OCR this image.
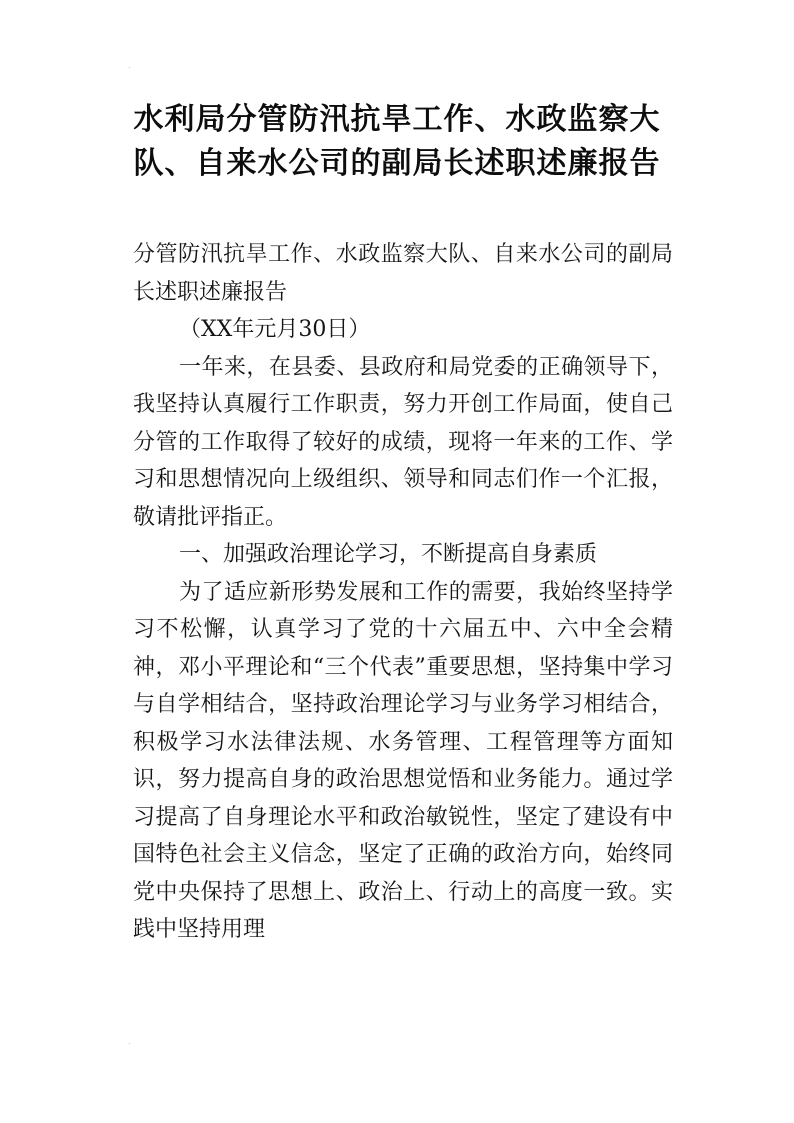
ˎ
ˏ
水利局分管防汛抗旱工作、水政监察大队、自来水公司的副局长述职述廉报告

分管防汛抗旱工作、水政监察大队、自来水公司的副局长述职述廉报告

（XX年元月30日）

一年来，在县委、县政府和局党委的正确领导下，我坚持认真履行工作职责，努力开创工作局面，使自己分管的工作取得了较好的成绩，现将一年来的工作、学习和思想情况向上级组织、领导和同志们作一个汇报，敬请批评指正。

一、加强政治理论学习，不断提高自身素质

为了适应新形势发展和工作的需要，我始终坚持学习不松懈，认真学习了党的十六届五中、六中全会精神，邓小平理论和“三个代表”重要思想，坚持集中学习与自学相结合，坚持政治理论学习与业务学习相结合，积极学习水法律法规、水务管理、工程管理等方面知识，努力提高自身的政治思想觉悟和业务能力。通过学习提高了自身理论水平和政治敏锐性，坚定了建设有中国特色社会主义信念，坚定了正确的政治方向，始终同党中央保持了思想上、政治上、行动上的高度一致。实践中坚持用理
